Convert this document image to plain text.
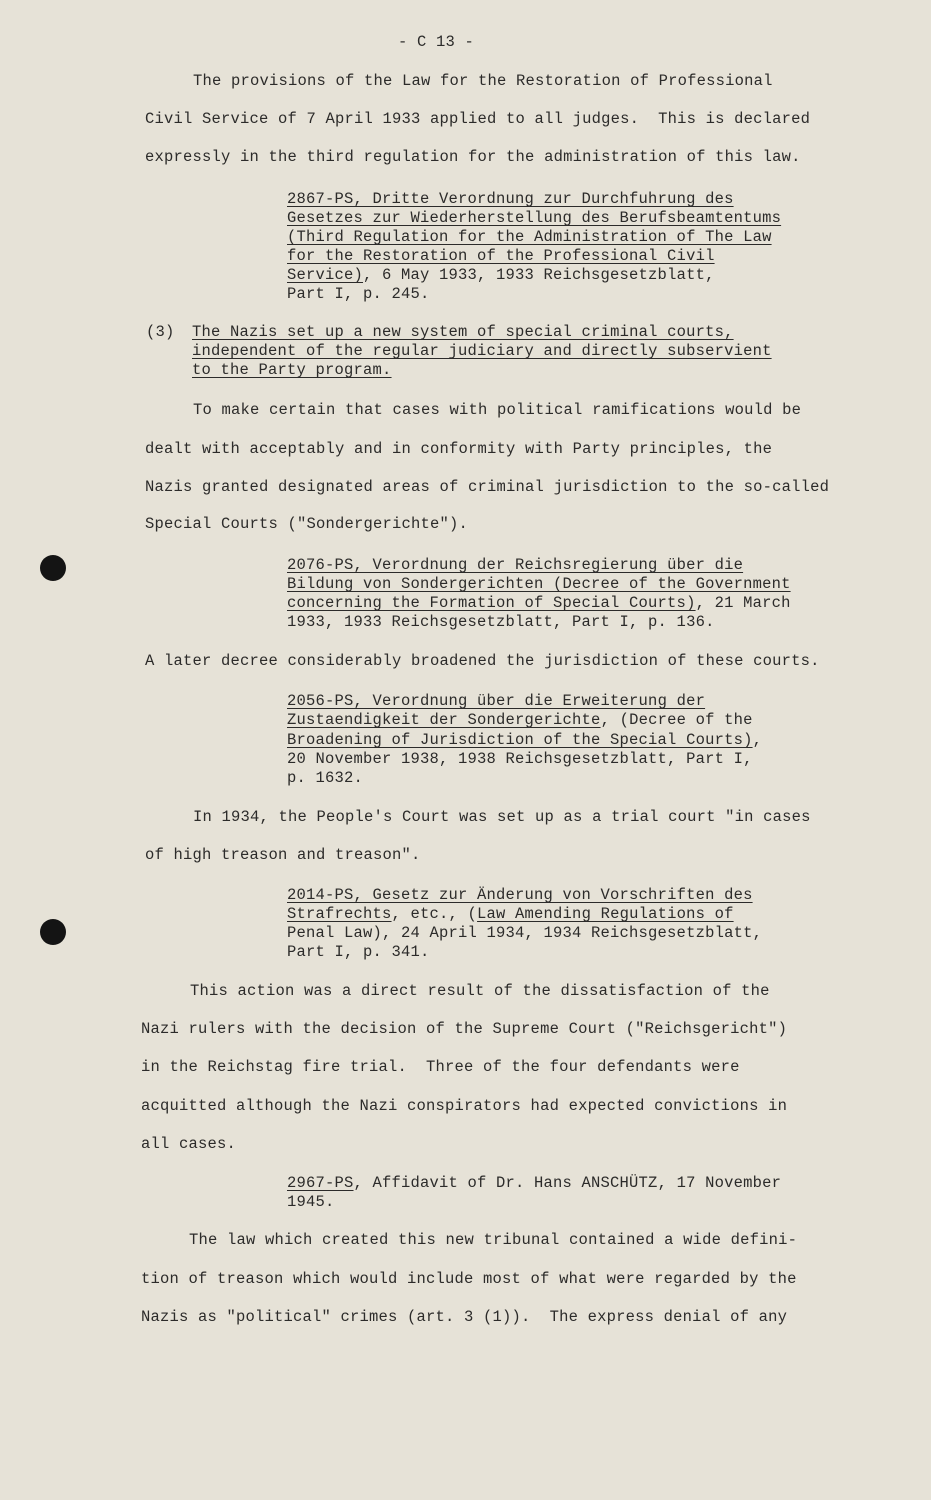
- C 13 -
The provisions of the Law for the Restoration of Professional
Civil Service of 7 April 1933 applied to all judges.  This is declared
expressly in the third regulation for the administration of this law.
2867-PS, Dritte Verordnung zur Durchfuhrung des
Gesetzes zur Wiederherstellung des Berufsbeamtentums
(Third Regulation for the Administration of The Law
for the Restoration of the Professional Civil
Service), 6 May 1933, 1933 Reichsgesetzblatt,
Part I, p. 245.
(3) The Nazis set up a new system of special criminal courts,
independent of the regular judiciary and directly subservient
to the Party program.
To make certain that cases with political ramifications would be
dealt with acceptably and in conformity with Party principles, the
Nazis granted designated areas of criminal jurisdiction to the so-called
Special Courts ("Sondergerichte").
2076-PS, Verordnung der Reichsregierung über die
Bildung von Sondergerichten (Decree of the Government
concerning the Formation of Special Courts), 21 March
1933, 1933 Reichsgesetzblatt, Part I, p. 136.
A later decree considerably broadened the jurisdiction of these courts.
2056-PS, Verordnung über die Erweiterung der
Zustaendigkeit der Sondergerichte, (Decree of the
Broadening of Jurisdiction of the Special Courts),
20 November 1938, 1938 Reichsgesetzblatt, Part I,
p. 1632.
In 1934, the People's Court was set up as a trial court "in cases
of high treason and treason".
2014-PS, Gesetz zur Änderung von Vorschriften des
Strafrechts, etc., (Law Amending Regulations of
Penal Law), 24 April 1934, 1934 Reichsgesetzblatt,
Part I, p. 341.
This action was a direct result of the dissatisfaction of the
Nazi rulers with the decision of the Supreme Court ("Reichsgericht")
in the Reichstag fire trial.  Three of the four defendants were
acquitted although the Nazi conspirators had expected convictions in
all cases.
2967-PS, Affidavit of Dr. Hans ANSCHÜTZ, 17 November
1945.
The law which created this new tribunal contained a wide defini-
tion of treason which would include most of what were regarded by the
Nazis as "political" crimes (art. 3 (1)).  The express denial of any
